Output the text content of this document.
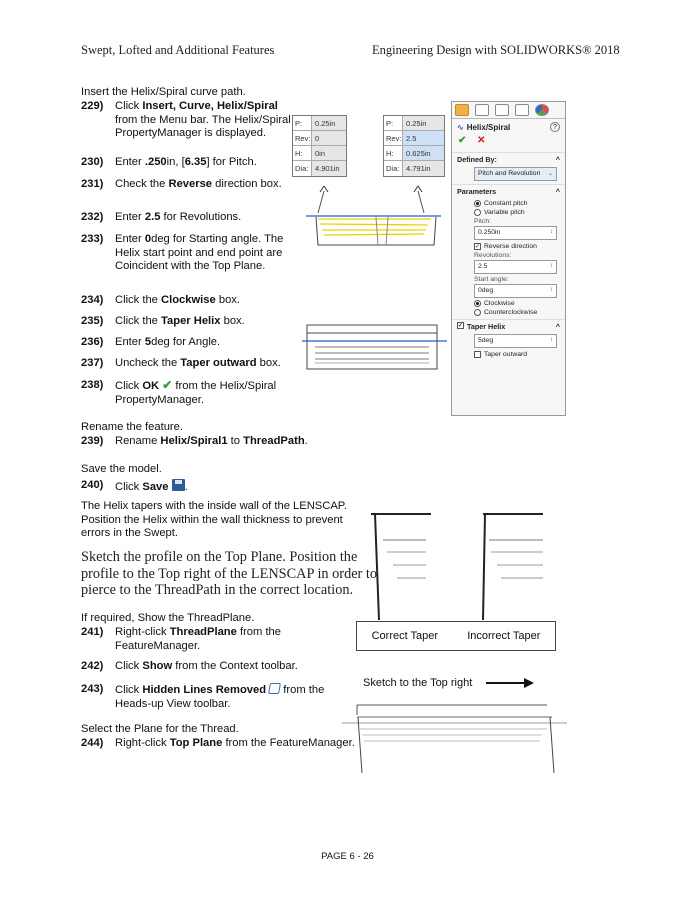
Swept, Lofted and Additional Features	Engineering Design with SOLIDWORKS® 2018
Insert the Helix/Spiral curve path.
229) Click Insert, Curve, Helix/Spiral from the Menu bar. The Helix/Spiral PropertyManager is displayed.
230) Enter .250in, [6.35] for Pitch.
231) Check the Reverse direction box.
232) Enter 2.5 for Revolutions.
233) Enter 0deg for Starting angle. The Helix start point and end point are Coincident with the Top Plane.
234) Click the Clockwise box.
235) Click the Taper Helix box.
236) Enter 5deg for Angle.
237) Uncheck the Taper outward box.
238) Click OK ✔ from the Helix/Spiral PropertyManager.
P:	0.25in
Rev: 0
H:	0in
Dia: 4.901in
P:	0.25in
Rev: 2.5
H:	0.625in
Dia: 4.791in
∿ Helix/Spiral	?
✔ ✕
Defined By:	^
Pitch and Revolution ⌄
Parameters	^
Constant pitch
Variable pitch
Pitch:
0.250in	↕
✓ Reverse direction
Revolutions:
2.5	↕
Start angle:
0deg	↕
Clockwise
Counterclockwise
✓ Taper Helix	^
5deg	↕
Taper outward
Rename the feature.
239) Rename Helix/Spiral1 to ThreadPath.
Save the model.
240) Click Save .
The Helix tapers with the inside wall of the LENSCAP. Position the Helix within the wall thickness to prevent errors in the Swept.
Sketch the profile on the Top Plane. Position the profile to the Top right of the LENSCAP in order to pierce to the ThreadPath in the correct location.
Correct Taper	Incorrect Taper
If required, Show the ThreadPlane.
241) Right-click ThreadPlane from the FeatureManager.
242) Click Show from the Context toolbar.
243) Click Hidden Lines Removed  from the Heads-up View toolbar.
Select the Plane for the Thread.
244) Right-click Top Plane from the FeatureManager.
Sketch to the Top right
PAGE 6 - 26
